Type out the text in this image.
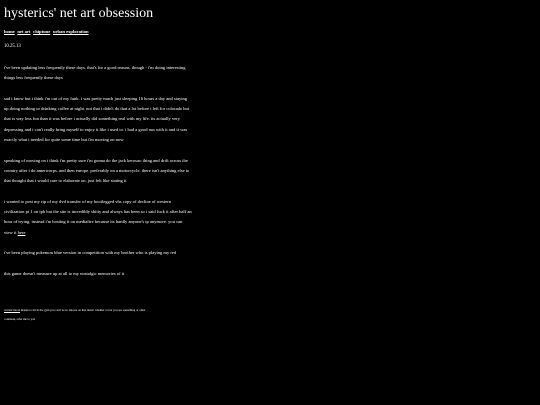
hysterics' net art obsession
home net art chiptune urban exploration
10.25.13

i've been updating less frequently these days. that's for a good reason, though - i'm doing interesting things less frequently these days

sad i know but i think i'm out of my funk. i was pretty much just sleeping 16 hours a day and staying up doing nothing or drinking coffee at night. not that i didn't do that a lot before i left for colorado but that is way less fun than it was before i actually did something real with my life. its actually very depressing and i can't really bring myself to enjoy it like i used to. i had a good run with it and it was exactly what i needed for quite some time but i'm moving on now

speaking of moving on i think i'm pretty sure i'm gonna do the jack kerouac thing and drift across the country after i do americorps. and then europe. preferably on a motorcycle. there isn't anything else to that thought that i would care to elaborate on. just felt like stating it

i wanted to post my rip of my dvd transfer of my bootlegged vhs copy of decline of western civilization pt 1 on tpb but the site is incredibly shitty and always has been so i said fuck it after half an hour of trying. instead i'm hosting it on mediafire because its hardly anyone's ip anymore. you can view it here

i've been playing pokemon blue version in competition with my brother who is playing my red

this game doesn't measure up at all to my nostalgic memories of it

current mood thanks to dri in the gym you can't be so sincere on that music whether or not you are something or other
comment, refer me to you
